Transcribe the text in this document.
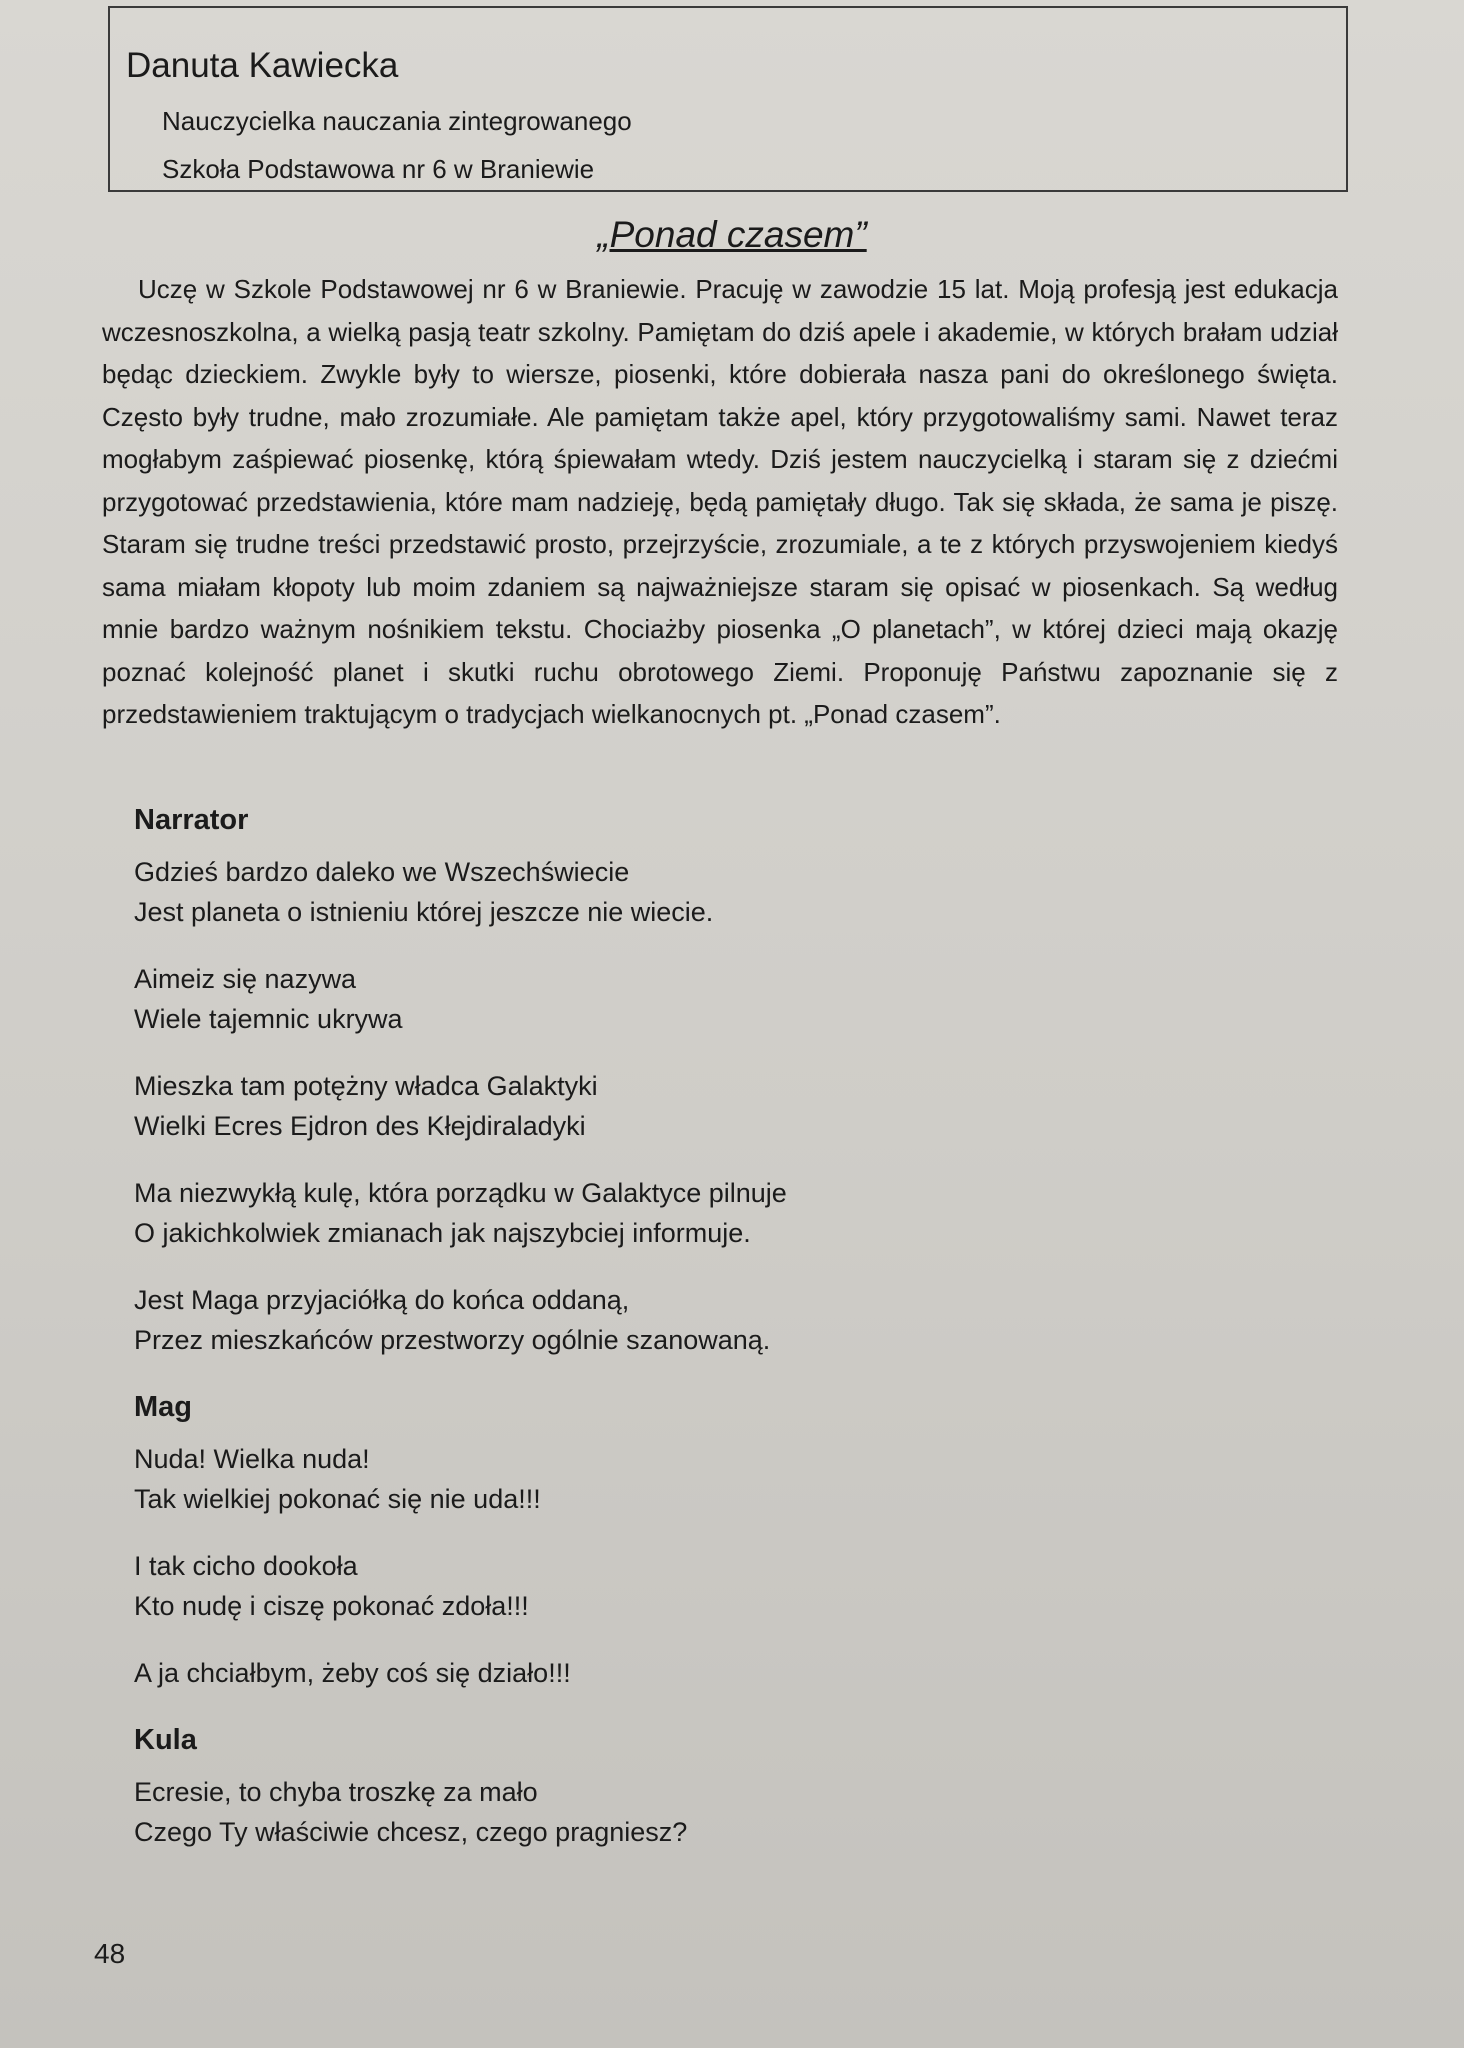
Danuta Kawiecka
Nauczycielka nauczania zintegrowanego
Szkoła Podstawowa nr 6 w Braniewie
„Ponad czasem”

Uczę w Szkole Podstawowej nr 6 w Braniewie. Pracuję w zawodzie 15 lat. Moją profesją jest edukacja wczesnoszkolna, a wielką pasją teatr szkolny. Pamiętam do dziś apele i akademie, w których brałam udział będąc dzieckiem. Zwykle były to wiersze, piosenki, które dobierała nasza pani do określonego święta. Często były trudne, mało zrozumiałe. Ale pamiętam także apel, który przygotowaliśmy sami. Nawet teraz mogłabym zaśpiewać piosenkę, którą śpiewałam wtedy. Dziś jestem nauczycielką i staram się z dziećmi przygotować przedstawienia, które mam nadzieję, będą pamiętały długo. Tak się składa, że sama je piszę. Staram się trudne treści przedstawić prosto, przejrzyście, zrozumiale, a te z których przyswojeniem kiedyś sama miałam kłopoty lub moim zdaniem są najważniejsze staram się opisać w piosenkach. Są według mnie bardzo ważnym nośnikiem tekstu. Chociażby piosenka „O planetach”, w której dzieci mają okazję poznać kolejność planet i skutki ruchu obrotowego Ziemi. Proponuję Państwu zapoznanie się z przedstawieniem traktującym o tradycjach wielkanocnych pt. „Ponad czasem”.

Narrator
Gdzieś bardzo daleko we Wszechświecie
Jest planeta o istnieniu której jeszcze nie wiecie.
Aimeiz się nazywa
Wiele tajemnic ukrywa
Mieszka tam potężny władca Galaktyki
Wielki Ecres Ejdron des Kłejdiraladyki
Ma niezwykłą kulę, która porządku w Galaktyce pilnuje
O jakichkolwiek zmianach jak najszybciej informuje.
Jest Maga przyjaciółką do końca oddaną,
Przez mieszkańców przestworzy ogólnie szanowaną.
Mag
Nuda! Wielka nuda!
Tak wielkiej pokonać się nie uda!!!
I tak cicho dookoła
Kto nudę i ciszę pokonać zdoła!!!
A ja chciałbym, żeby coś się działo!!!
Kula
Ecresie, to chyba troszkę za mało
Czego Ty właściwie chcesz, czego pragniesz?
48
